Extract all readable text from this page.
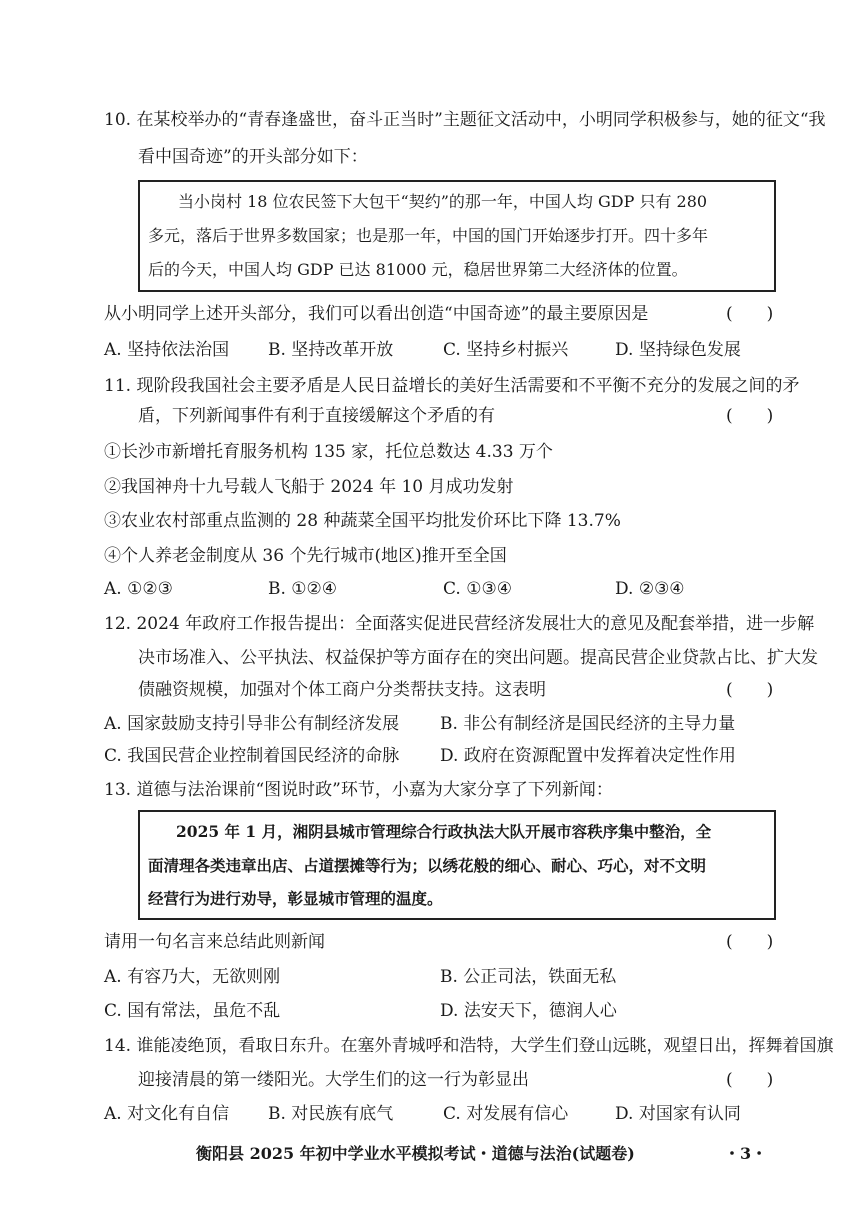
10. 在某校举办的“青春逢盛世，奋斗正当时”主题征文活动中，小明同学积极参与，她的征文“我
看中国奇迹”的开头部分如下：
当小岗村 18 位农民签下大包干“契约”的那一年，中国人均 GDP 只有 280
多元，落后于世界多数国家；也是那一年，中国的国门开始逐步打开。四十多年
后的今天，中国人均 GDP 已达 81000 元，稳居世界第二大经济体的位置。
从小明同学上述开头部分，我们可以看出创造“中国奇迹”的最主要原因是	(　　)
A. 坚持依法治国 B. 坚持改革开放	C. 坚持乡村振兴	D. 坚持绿色发展
11. 现阶段我国社会主要矛盾是人民日益增长的美好生活需要和不平衡不充分的发展之间的矛
盾，下列新闻事件有利于直接缓解这个矛盾的有	(　　)
①长沙市新增托育服务机构 135 家，托位总数达 4.33 万个
②我国神舟十九号载人飞船于 2024 年 10 月成功发射
③农业农村部重点监测的 28 种蔬菜全国平均批发价环比下降 13.7%
④个人养老金制度从 36 个先行城市(地区)推开至全国
A. ①②③	B. ①②④	C. ①③④	D. ②③④
12. 2024 年政府工作报告提出：全面落实促进民营经济发展壮大的意见及配套举措，进一步解
决市场准入、公平执法、权益保护等方面存在的突出问题。提高民营企业贷款占比、扩大发
债融资规模，加强对个体工商户分类帮扶支持。这表明	(　　)
A. 国家鼓励支持引导非公有制经济发展 B. 非公有制经济是国民经济的主导力量
C. 我国民营企业控制着国民经济的命脉 D. 政府在资源配置中发挥着决定性作用
13. 道德与法治课前“图说时政”环节，小嘉为大家分享了下列新闻：
2025 年 1 月，湘阴县城市管理综合行政执法大队开展市容秩序集中整治，全
面清理各类违章出店、占道摆摊等行为；以绣花般的细心、耐心、巧心，对不文明
经营行为进行劝导，彰显城市管理的温度。
请用一句名言来总结此则新闻	(　　)
A. 有容乃大，无欲则刚	B. 公正司法，铁面无私
C. 国有常法，虽危不乱	D. 法安天下，德润人心
14. 谁能凌绝顶，看取日东升。在塞外青城呼和浩特，大学生们登山远眺，观望日出，挥舞着国旗
迎接清晨的第一缕阳光。大学生们的这一行为彰显出	(　　)
A. 对文化有自信 B. 对民族有底气	C. 对发展有信心	D. 对国家有认同
衡阳县 2025 年初中学业水平模拟考试・道德与法治(试题卷)	・3・
